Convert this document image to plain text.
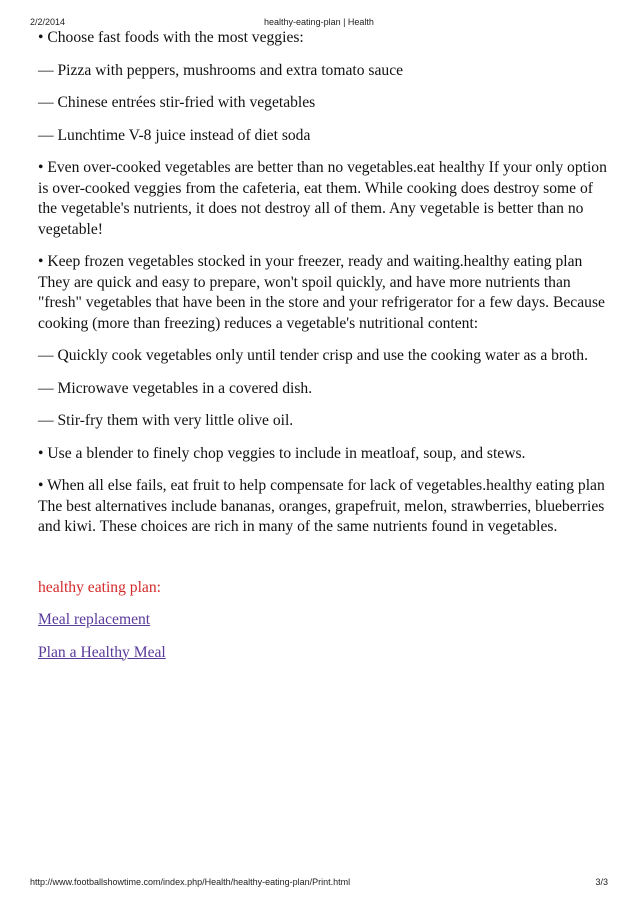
2/2/2014	healthy-eating-plan | Health

• Choose fast foods with the most veggies:

— Pizza with peppers, mushrooms and extra tomato sauce

— Chinese entrées stir-fried with vegetables

— Lunchtime V-8 juice instead of diet soda

• Even over-cooked vegetables are better than no vegetables.eat healthy If your only option is over-cooked veggies from the cafeteria, eat them. While cooking does destroy some of the vegetable's nutrients, it does not destroy all of them. Any vegetable is better than no vegetable!

• Keep frozen vegetables stocked in your freezer, ready and waiting.healthy eating plan They are quick and easy to prepare, won't spoil quickly, and have more nutrients than "fresh" vegetables that have been in the store and your refrigerator for a few days. Because cooking (more than freezing) reduces a vegetable's nutritional content:

— Quickly cook vegetables only until tender crisp and use the cooking water as a broth.

— Microwave vegetables in a covered dish.

— Stir-fry them with very little olive oil.

• Use a blender to finely chop veggies to include in meatloaf, soup, and stews.

• When all else fails, eat fruit to help compensate for lack of vegetables.healthy eating plan The best alternatives include bananas, oranges, grapefruit, melon, strawberries, blueberries and kiwi. These choices are rich in many of the same nutrients found in vegetables.

healthy eating plan:

Meal replacement

Plan a Healthy Meal

http://www.footballshowtime.com/index.php/Health/healthy-eating-plan/Print.html	3/3
